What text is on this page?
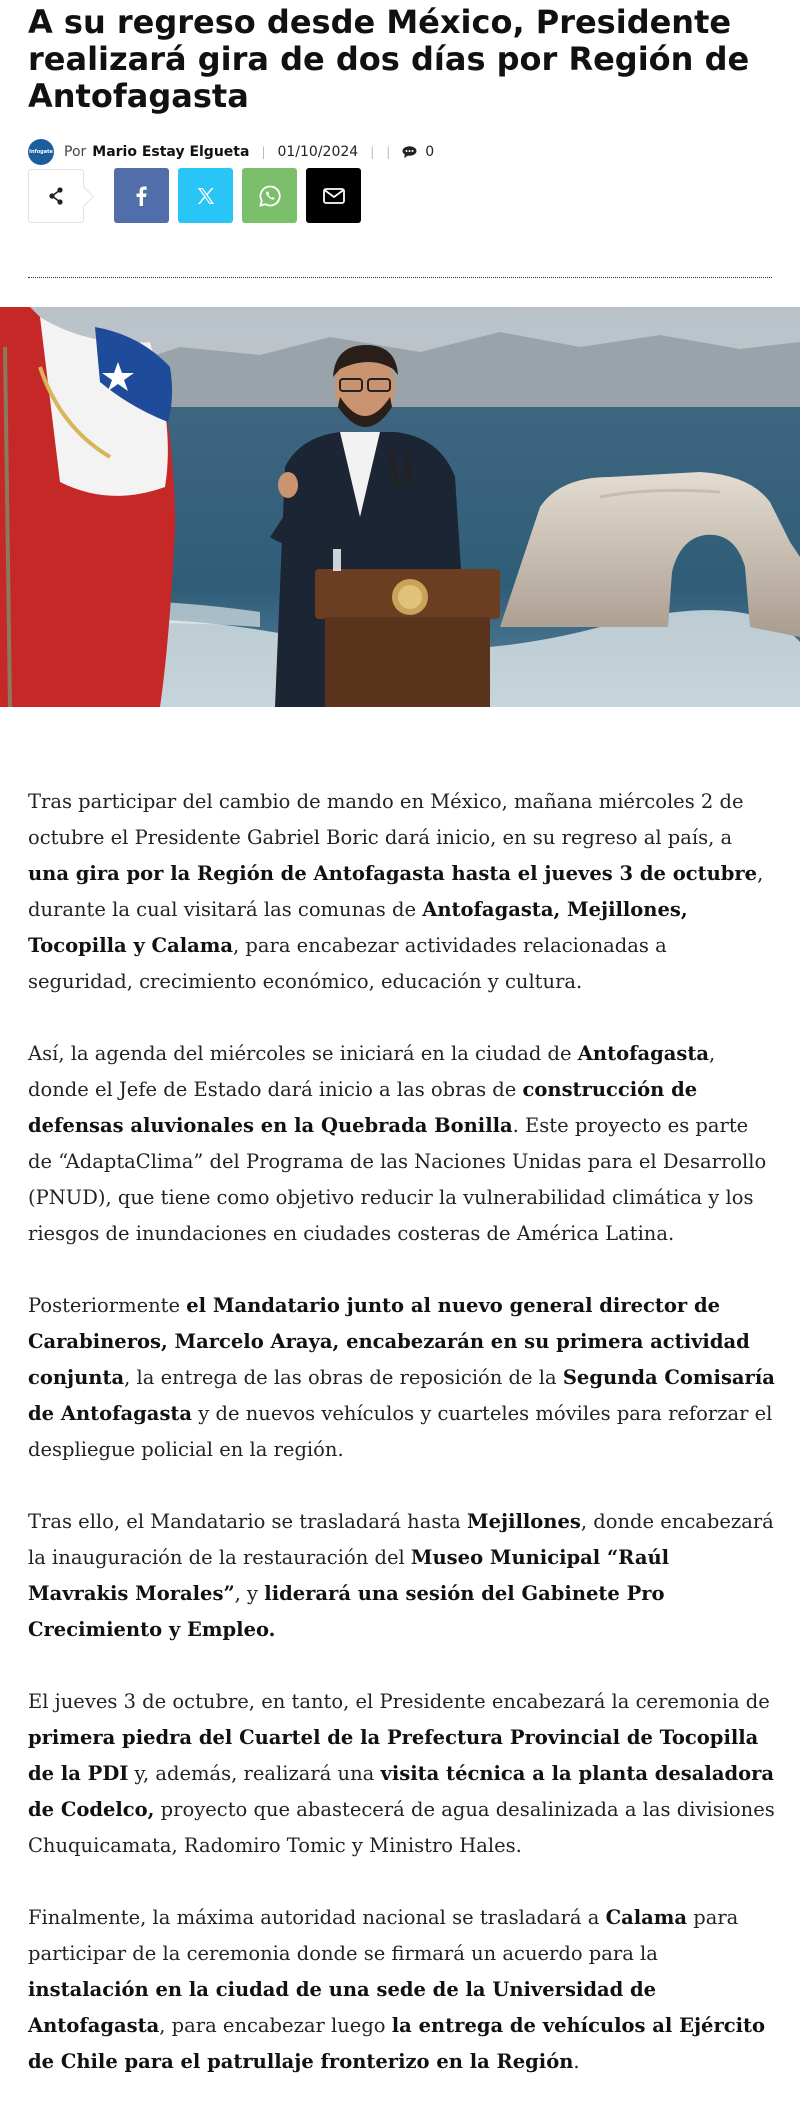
A su regreso desde México, Presidente realizará gira de dos días por Región de Antofagasta
Infogate Por Mario Estay Elgueta | 01/10/2024 | |	0

Tras participar del cambio de mando en México, mañana miércoles 2 de octubre el Presidente Gabriel Boric dará inicio, en su regreso al país, a una gira por la Región de Antofagasta hasta el jueves 3 de octubre, durante la cual visitará las comunas de Antofagasta, Mejillones, Tocopilla y Calama, para encabezar actividades relacionadas a seguridad, crecimiento económico, educación y cultura.

Así, la agenda del miércoles se iniciará en la ciudad de Antofagasta, donde el Jefe de Estado dará inicio a las obras de construcción de defensas aluvionales en la Quebrada Bonilla. Este proyecto es parte de “AdaptaClima” del Programa de las Naciones Unidas para el Desarrollo (PNUD), que tiene como objetivo reducir la vulnerabilidad climática y los riesgos de inundaciones en ciudades costeras de América Latina.

Posteriormente el Mandatario junto al nuevo general director de Carabineros, Marcelo Araya, encabezarán en su primera actividad conjunta, la entrega de las obras de reposición de la Segunda Comisaría de Antofagasta y de nuevos vehículos y cuarteles móviles para reforzar el despliegue policial en la región.

Tras ello, el Mandatario se trasladará hasta Mejillones, donde encabezará la inauguración de la restauración del Museo Municipal “Raúl Mavrakis Morales”, y liderará una sesión del Gabinete Pro Crecimiento y Empleo.

El jueves 3 de octubre, en tanto, el Presidente encabezará la ceremonia de primera piedra del Cuartel de la Prefectura Provincial de Tocopilla de la PDI y, además, realizará una visita técnica a la planta desaladora de Codelco, proyecto que abastecerá de agua desalinizada a las divisiones Chuquicamata, Radomiro Tomic y Ministro Hales.

Finalmente, la máxima autoridad nacional se trasladará a Calama para participar de la ceremonia donde se firmará un acuerdo para la instalación en la ciudad de una sede de la Universidad de Antofagasta, para encabezar luego la entrega de vehículos al Ejército de Chile para el patrullaje fronterizo en la Región.
